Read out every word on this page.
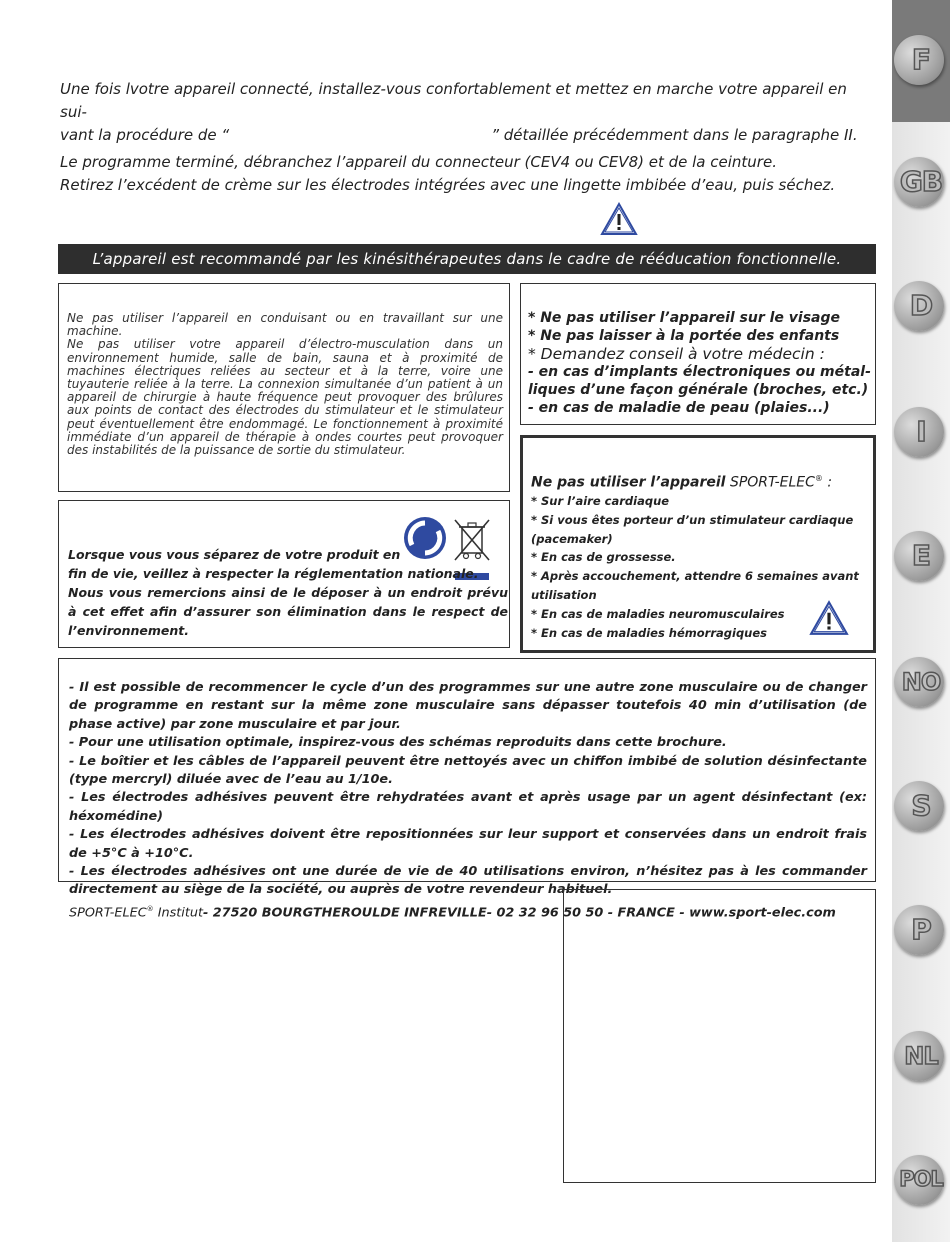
F
GB
D
I
E
NO
S
P
NL
POL
Une fois lvotre appareil connecté, installez-vous confortablement et mettez en marche votre appareil en sui-
vant la procédure de “	” détaillée précédemment dans le paragraphe II.
Le programme terminé, débranchez l’appareil du connecteur (CEV4 ou CEV8) et de la ceinture.
Retirez l’excédent de crème sur les électrodes intégrées avec une lingette imbibée d’eau, puis séchez.
L’appareil est recommandé par les kinésithérapeutes dans le cadre de rééducation fonctionnelle.
Ne pas utiliser l’appareil en conduisant ou en travaillant sur une machine.
Ne pas utiliser votre appareil d’électro-musculation dans un environnement humide, salle de bain, sauna et à proximité de machines électriques reliées au secteur et à la terre, voire une tuyauterie reliée à la terre. La connexion simultanée d’un patient à un appareil de chirurgie à haute fréquence peut provoquer des brûlures aux points de contact des électrodes du stimulateur et le stimulateur peut éventuellement être endommagé. Le fonctionnement à proximité immédiate d’un appareil de thérapie à ondes courtes peut provoquer des instabilités de la puissance de sortie du stimulateur.
* Ne pas utiliser l’appareil sur le visage
* Ne pas laisser à la portée des enfants
* Demandez conseil à votre médecin :
- en cas d’implants électroniques ou métal-
liques d’une façon générale (broches, etc.)
- en cas de maladie de peau (plaies...)
Lorsque vous vous séparez de votre produit en
fin de vie, veillez à respecter la réglementation nationale.
Nous vous remercions ainsi de le déposer à un endroit prévu à cet effet afin d’assurer son élimination dans le respect de l’environnement.
Ne pas utiliser l’appareil SPORT-ELEC® :
* Sur l’aire cardiaque
* Si vous êtes porteur d’un stimulateur cardiaque (pacemaker)
* En cas de grossesse.
* Après accouchement, attendre 6 semaines avant utilisation
* En cas de maladies neuromusculaires
* En cas de maladies hémorragiques
- Il est possible de recommencer le cycle d’un des programmes sur une autre zone musculaire ou de changer de programme en restant sur la même zone musculaire sans dépasser toutefois 40 min d’utilisation (de phase active) par zone musculaire et par jour.
- Pour une utilisation optimale, inspirez-vous des schémas reproduits dans cette brochure.
- Le boîtier et les câbles de l’appareil peuvent être nettoyés avec un chiffon imbibé de solution désinfectante (type mercryl) diluée avec de l’eau au 1/10e.
- Les électrodes adhésives peuvent être rehydratées avant et après usage par un agent désinfectant (ex: héxomédine)
- Les électrodes adhésives doivent être repositionnées sur leur support et conservées dans un endroit frais de +5°C à +10°C.
- Les électrodes adhésives ont une durée de vie de 40 utilisations environ, n’hésitez pas à les commander directement au siège de la société, ou auprès de votre revendeur habituel.
SPORT-ELEC® Institut- 27520 BOURGTHEROULDE INFREVILLE- 02 32 96 50 50 - FRANCE - www.sport-elec.com
